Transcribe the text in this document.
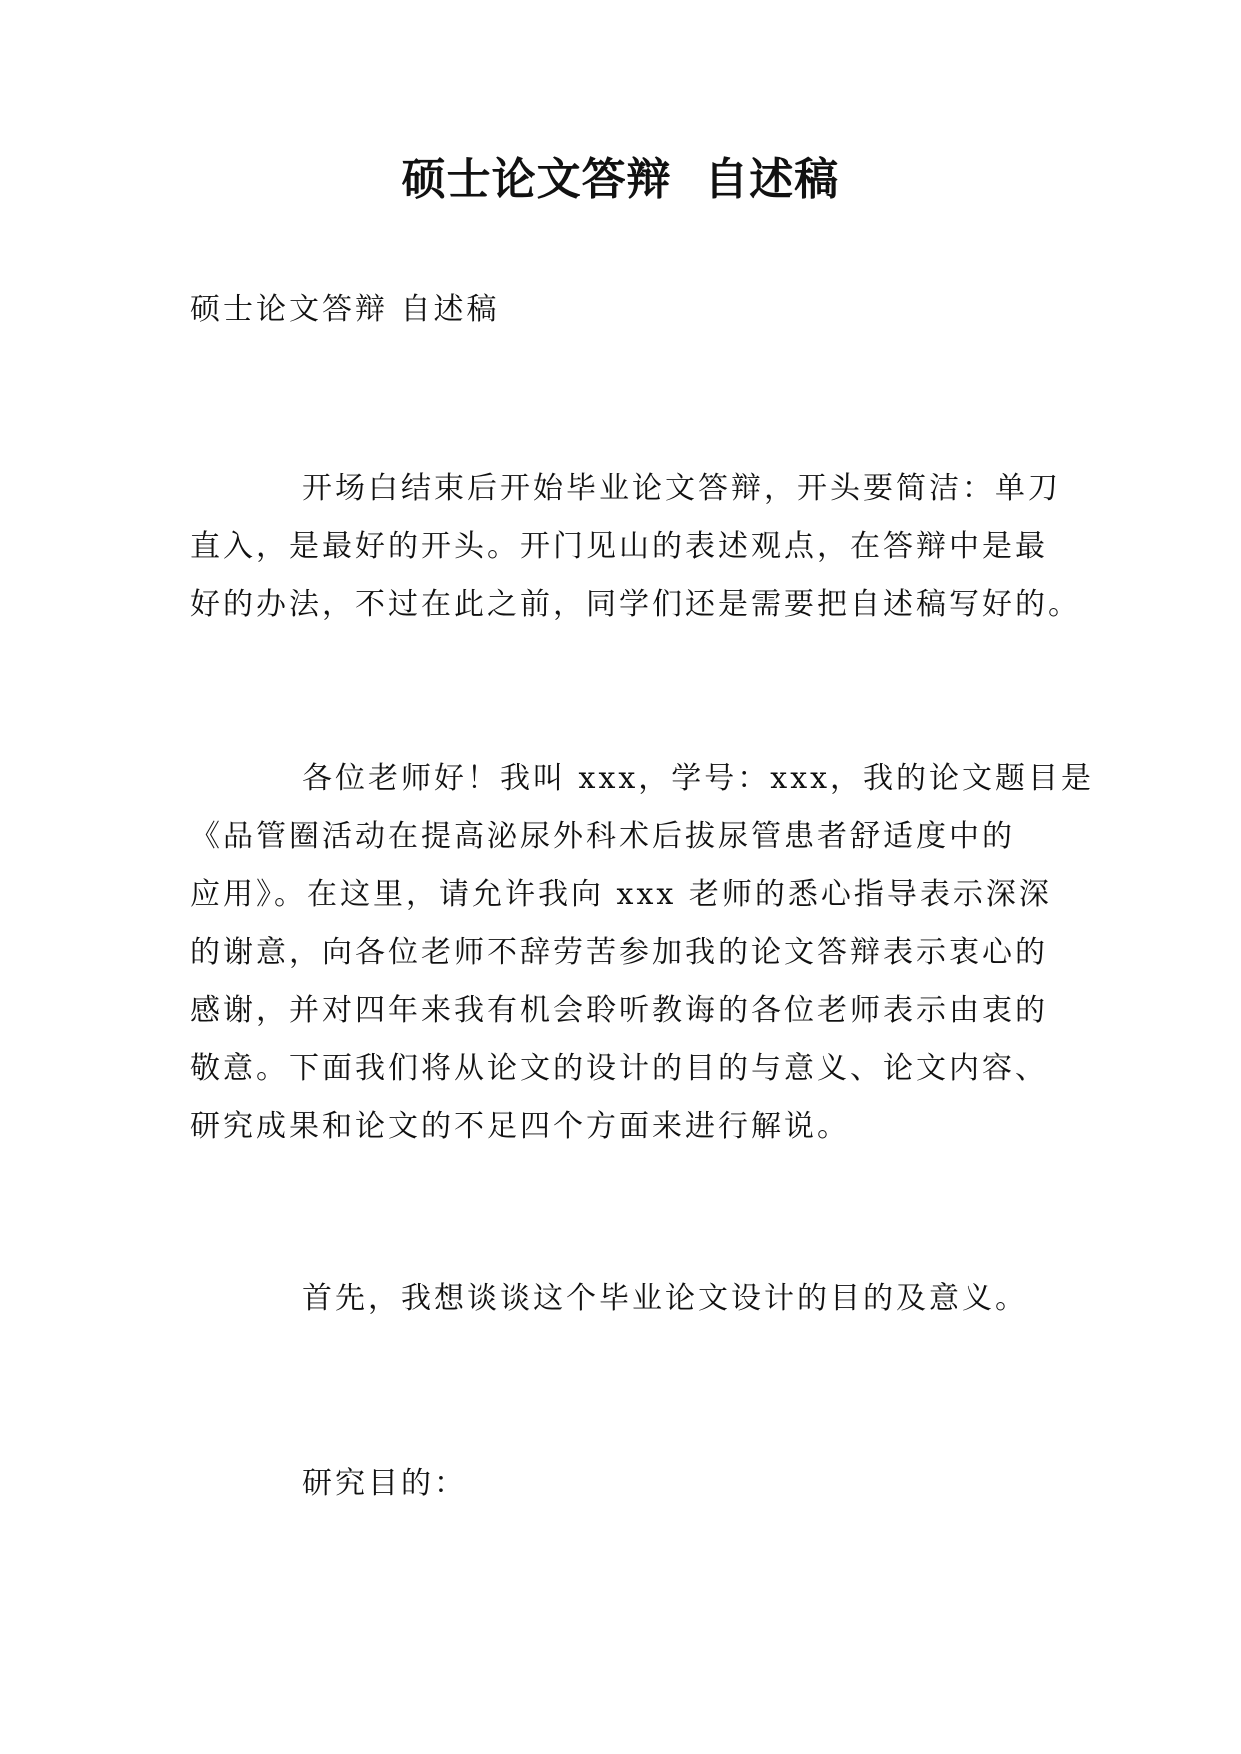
硕士论文答辩  自述稿
硕士论文答辩 自述稿
开场白结束后开始毕业论文答辩，开头要简洁：单刀
直入，是最好的开头。开门见山的表述观点，在答辩中是最
好的办法，不过在此之前，同学们还是需要把自述稿写好的。
各位老师好！我叫 xxx，学号：xxx，我的论文题目是
《品管圈活动在提高泌尿外科术后拔尿管患者舒适度中的
应用》。在这里，请允许我向 xxx 老师的悉心指导表示深深
的谢意，向各位老师不辞劳苦参加我的论文答辩表示衷心的
感谢，并对四年来我有机会聆听教诲的各位老师表示由衷的
敬意。下面我们将从论文的设计的目的与意义、论文内容、
研究成果和论文的不足四个方面来进行解说。
首先，我想谈谈这个毕业论文设计的目的及意义。
研究目的：
